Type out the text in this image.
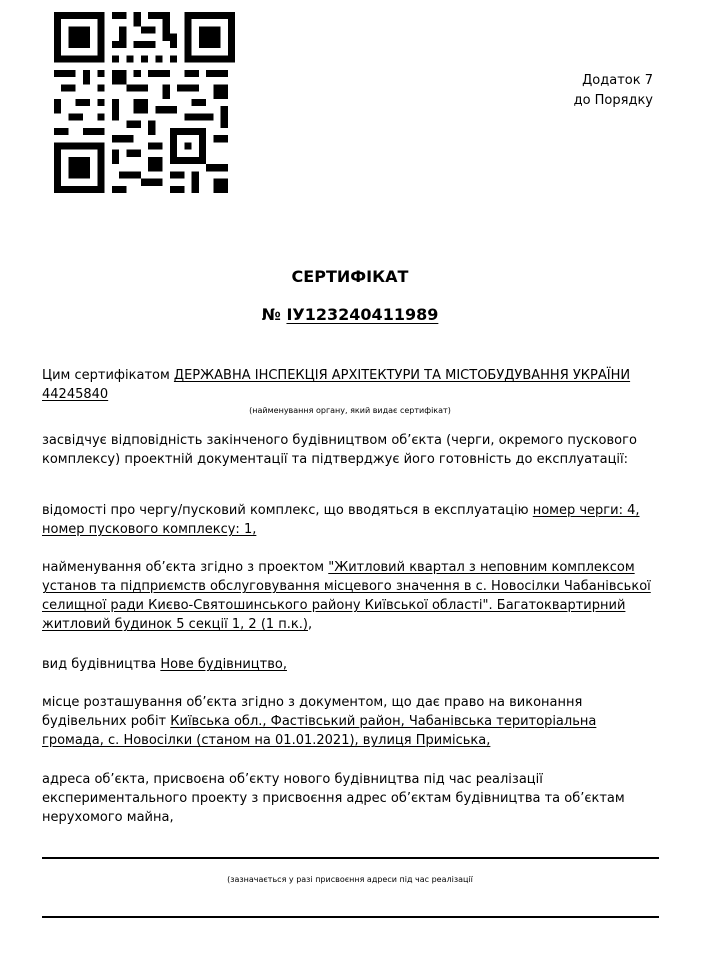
Додаток 7
до Порядку
СЕРТИФІКАТ
№ ІУ123240411989
Цим сертифікатом ДЕРЖАВНА ІНСПЕКЦІЯ АРХІТЕКТУРИ ТА МІСТОБУДУВАННЯ УКРАЇНИ
44245840
(найменування органу, який видає сертифікат)
засвідчує відповідність закінченого будівництвом об’єкта (черги, окремого пускового комплексу) проектній документації та підтверджує його готовність до експлуатації:
відомості про чергу/пусковий комплекс, що вводяться в експлуатацію номер черги: 4, номер пускового комплексу: 1,
найменування об’єкта згідно з проектом "Житловий квартал з неповним комплексом установ та підприємств обслуговування місцевого значення в с. Новосілки Чабанівської селищної ради Києво-Святошинського району Київської області". Багатоквартирний житловий будинок 5 секції 1, 2 (1 п.к.),
вид будівництва Нове будівництво,
місце розташування об’єкта згідно з документом, що дає право на виконання будівельних робіт Київська обл., Фастівський район, Чабанівська територіальна громада, с. Новосілки (станом на 01.01.2021), вулиця Приміська,
адреса об’єкта, присвоєна об’єкту нового будівництва під час реалізації експериментального проекту з присвоєння адрес об’єктам будівництва та об’єктам нерухомого майна,
(зазначається у разі присвоєння адреси під час реалізації
